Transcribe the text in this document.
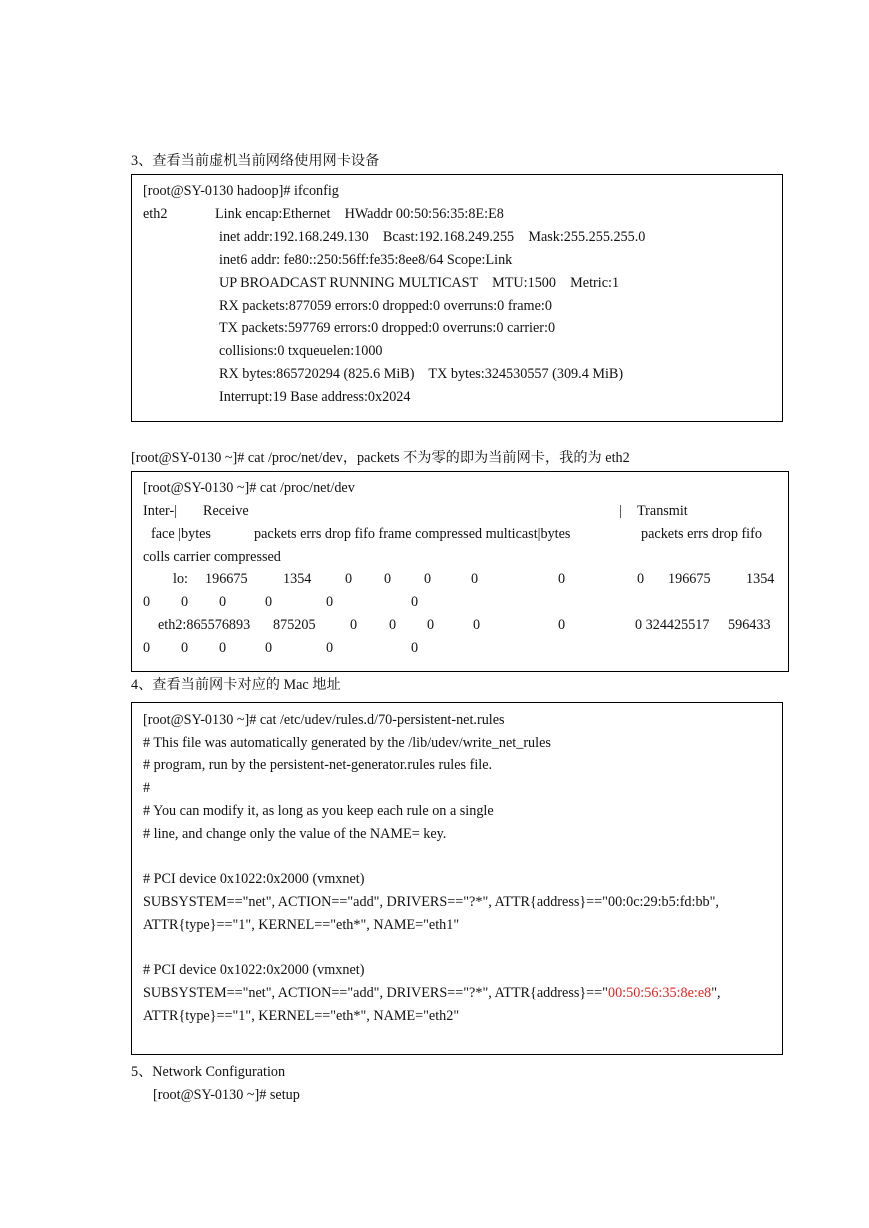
3、查看当前虚机当前网络使用网卡设备
[root@SY-0130 hadoop]# ifconfig
eth2	Link encap:Ethernet    HWaddr 00:50:56:35:8E:E8
inet addr:192.168.249.130    Bcast:192.168.249.255    Mask:255.255.255.0
inet6 addr: fe80::250:56ff:fe35:8ee8/64 Scope:Link
UP BROADCAST RUNNING MULTICAST    MTU:1500    Metric:1
RX packets:877059 errors:0 dropped:0 overruns:0 frame:0
TX packets:597769 errors:0 dropped:0 overruns:0 carrier:0
collisions:0 txqueuelen:1000
RX bytes:865720294 (825.6 MiB)    TX bytes:324530557 (309.4 MiB)
Interrupt:19 Base address:0x2024
[root@SY-0130 ~]# cat /proc/net/dev，packets 不为零的即为当前网卡，我的为 eth2
[root@SY-0130 ~]# cat /proc/net/dev
Inter-| Receive	| Transmit
face |bytes	packets errs drop fifo frame compressed multicast|bytes	packets errs drop fifo
colls carrier compressed
lo: 196675 1354 0 0 0	0	0	0 196675 1354
0 0 0	0	0	0
eth2:865576893 875205 0 0 0	0	0	0 324425517 596433
0 0 0	0	0	0
4、查看当前网卡对应的 Mac 地址
[root@SY-0130 ~]# cat /etc/udev/rules.d/70-persistent-net.rules
# This file was automatically generated by the /lib/udev/write_net_rules
# program, run by the persistent-net-generator.rules rules file.
#
# You can modify it, as long as you keep each rule on a single
# line, and change only the value of the NAME= key.
# PCI device 0x1022:0x2000 (vmxnet)
SUBSYSTEM=="net", ACTION=="add", DRIVERS=="?*", ATTR{address}=="00:0c:29:b5:fd:bb",
ATTR{type}=="1", KERNEL=="eth*", NAME="eth1"
# PCI device 0x1022:0x2000 (vmxnet)
SUBSYSTEM=="net", ACTION=="add", DRIVERS=="?*", ATTR{address}=="00:50:56:35:8e:e8",
ATTR{type}=="1", KERNEL=="eth*", NAME="eth2"
5、Network Configuration
[root@SY-0130 ~]# setup
